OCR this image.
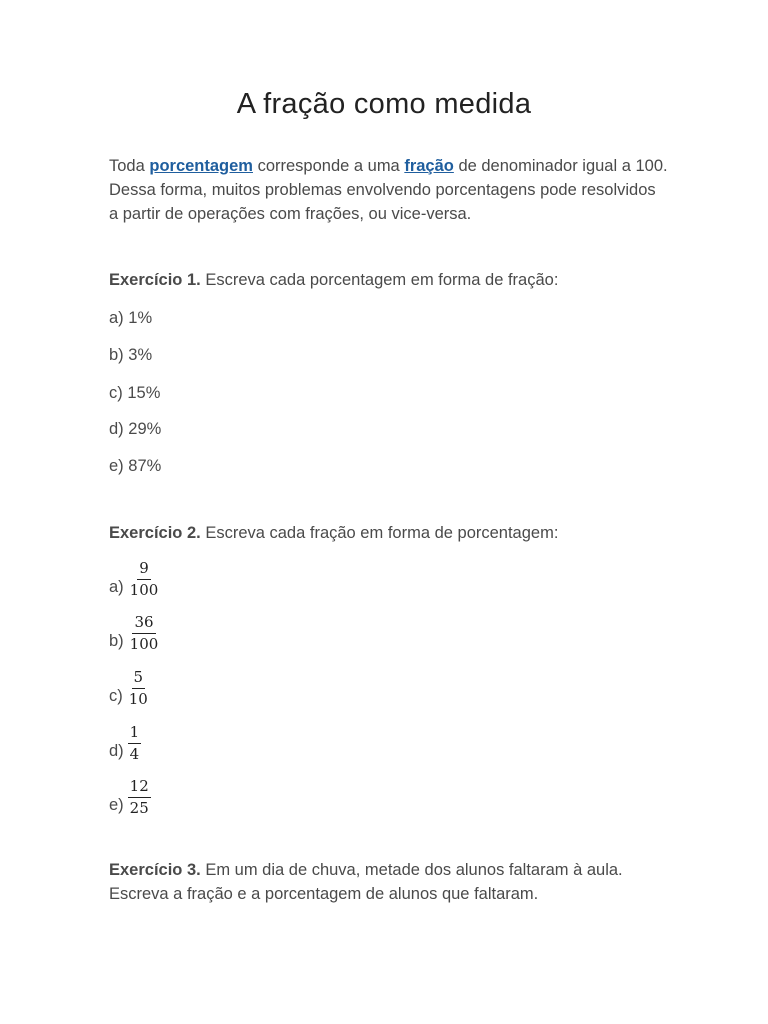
A fração como medida
Toda porcentagem corresponde a uma fração de denominador igual a 100. Dessa forma, muitos problemas envolvendo porcentagens pode resolvidos a partir de operações com frações, ou vice-versa.
Exercício 1. Escreva cada porcentagem em forma de fração:
a) 1%
b) 3%
c) 15%
d) 29%
e) 87%
Exercício 2. Escreva cada fração em forma de porcentagem:
$a) \frac{9}{100}$
$b) \frac{36}{100}$
$c) \frac{5}{10}$
$d) \frac{1}{4}$
$e) \frac{12}{25}$
Exercício 3. Em um dia de chuva, metade dos alunos faltaram à aula. Escreva a fração e a porcentagem de alunos que faltaram.
